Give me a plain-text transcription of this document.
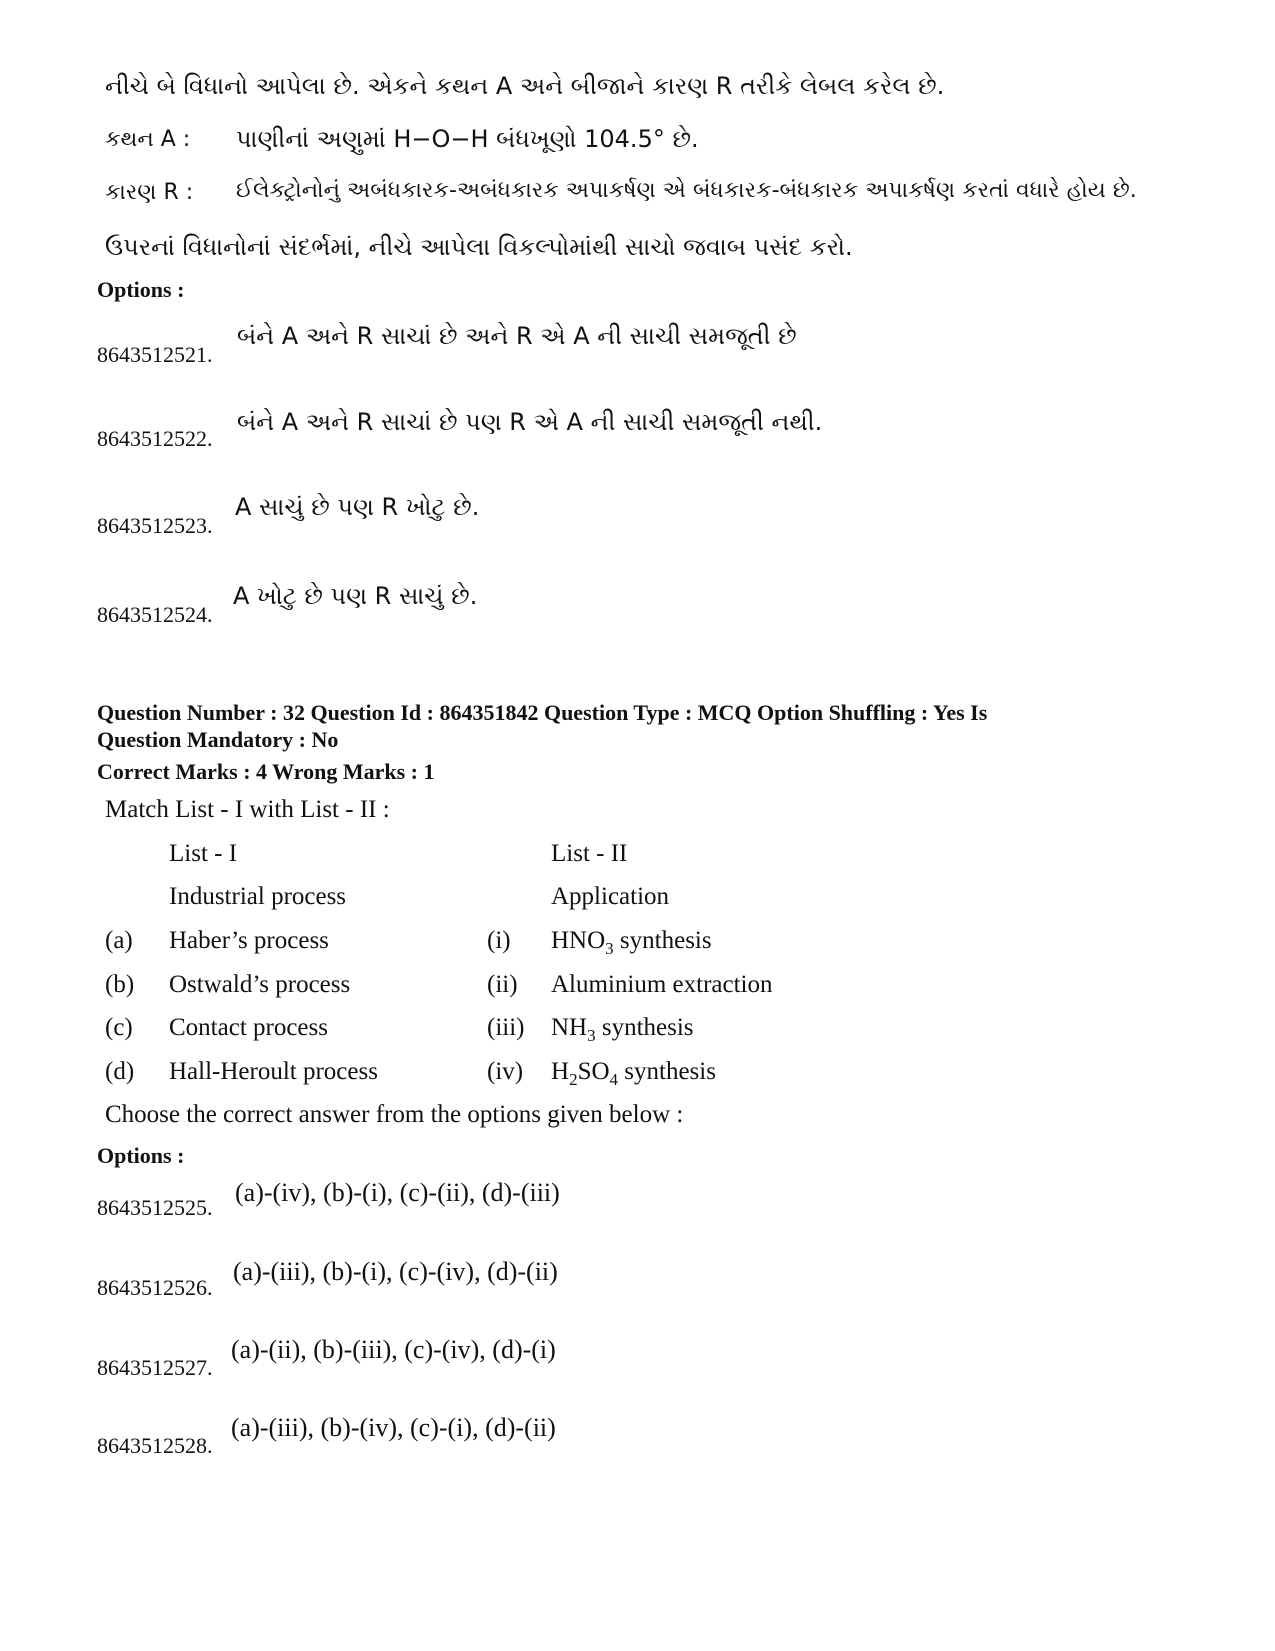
નીચે બે વિધાનો આપેલા છે. એકને કથન A અને બીજાને કારણ R તરીકે લેબલ કરેલ છે.
કથન A : પાણીનાં અણુમાં H−O−H બંધખૂણો 104.5° છે.
કારણ R : ઈલેક્ટ્રોનોનું અબંધકારક-અબંધકારક અપાકર્ષણ એ બંધકારક-બંધકારક અપાકર્ષણ કરતાં વધારે હોય છે.
ઉપરનાં વિધાનોનાં સંદર્ભમાં, નીચે આપેલા વિકલ્પોમાંથી સાચો જવાબ પસંદ કરો.
Options :
8643512521.
બંને A અને R સાચાં છે અને R એ A ની સાચી સમજૂતી છે
8643512522.
બંને A અને R સાચાં છે પણ R એ A ની સાચી સમજૂતી નથી.
8643512523.
A સાચું છે પણ R ખોટુ છે.
8643512524.
A ખોટુ છે પણ R સાચું છે.
Question Number : 32 Question Id : 864351842 Question Type : MCQ Option Shuffling : Yes Is
Question Mandatory : No
Correct Marks : 4 Wrong Marks : 1
Match List - I with List - II :
List - I	List - II
Industrial process	Application
(a) Haber’s process	(i) $HNO_3$ synthesis
(b) Ostwald’s process	(ii) Aluminium extraction
(c) Contact process	(iii) $NH_3$ synthesis
(d) Hall-Heroult process	(iv) $H_2SO_4$ synthesis
Choose the correct answer from the options given below :
Options :
8643512525.
(a)-(iv), (b)-(i), (c)-(ii), (d)-(iii)
8643512526.
(a)-(iii), (b)-(i), (c)-(iv), (d)-(ii)
8643512527.
(a)-(ii), (b)-(iii), (c)-(iv), (d)-(i)
8643512528.
(a)-(iii), (b)-(iv), (c)-(i), (d)-(ii)
